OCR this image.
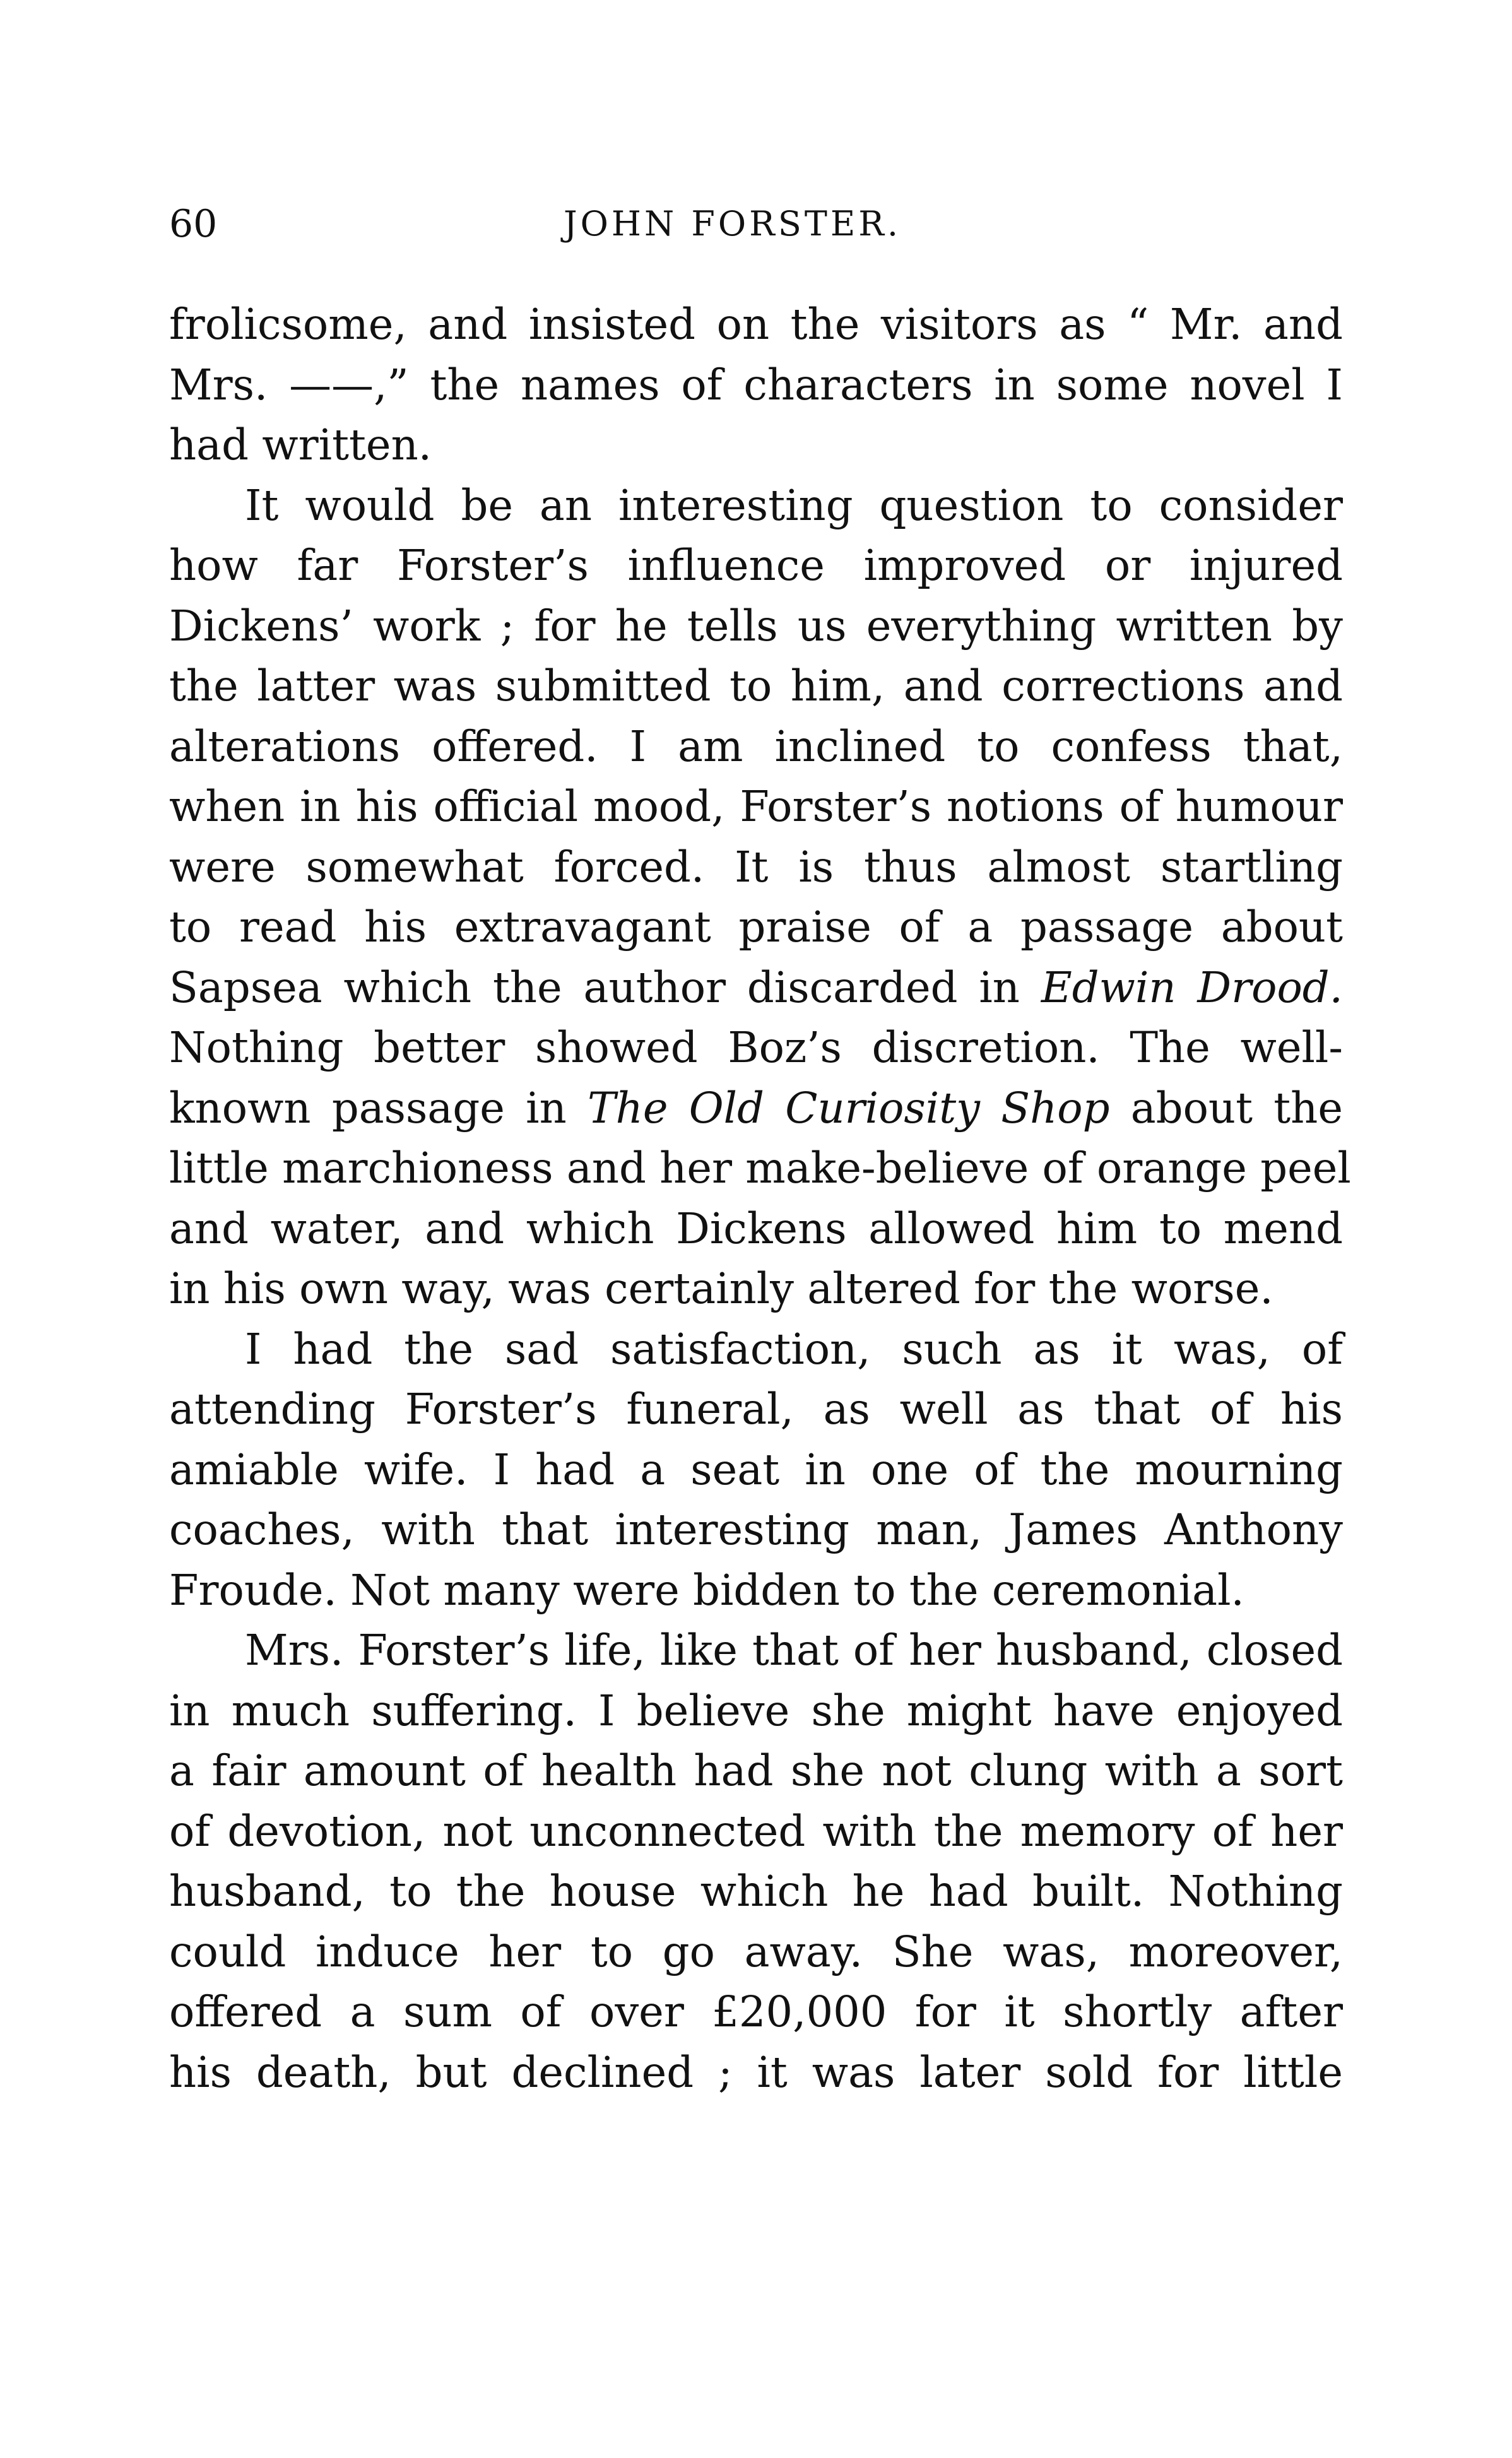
60	JOHN FORSTER.
frolicsome, and insisted on the visitors as “ Mr. and
Mrs. ——,” the names of characters in some novel I
had written.
It would be an interesting question to consider
how far Forster’s influence improved or injured
Dickens’ work ; for he tells us everything written by
the latter was submitted to him, and corrections and
alterations offered. I am inclined to confess that,
when in his official mood, Forster’s notions of humour
were somewhat forced. It is thus almost startling
to read his extravagant praise of a passage about
Sapsea which the author discarded in Edwin Drood.
Nothing better showed Boz’s discretion. The well-
known passage in The Old Curiosity Shop about the
little marchioness and her make-believe of orange peel
and water, and which Dickens allowed him to mend
in his own way, was certainly altered for the worse.
I had the sad satisfaction, such as it was, of
attending Forster’s funeral, as well as that of his
amiable wife. I had a seat in one of the mourning
coaches, with that interesting man, James Anthony
Froude. Not many were bidden to the ceremonial.
Mrs. Forster’s life, like that of her husband, closed
in much suffering. I believe she might have enjoyed
a fair amount of health had she not clung with a sort
of devotion, not unconnected with the memory of her
husband, to the house which he had built. Nothing
could induce her to go away. She was, moreover,
offered a sum of over £20,000 for it shortly after
his death, but declined ; it was later sold for little
